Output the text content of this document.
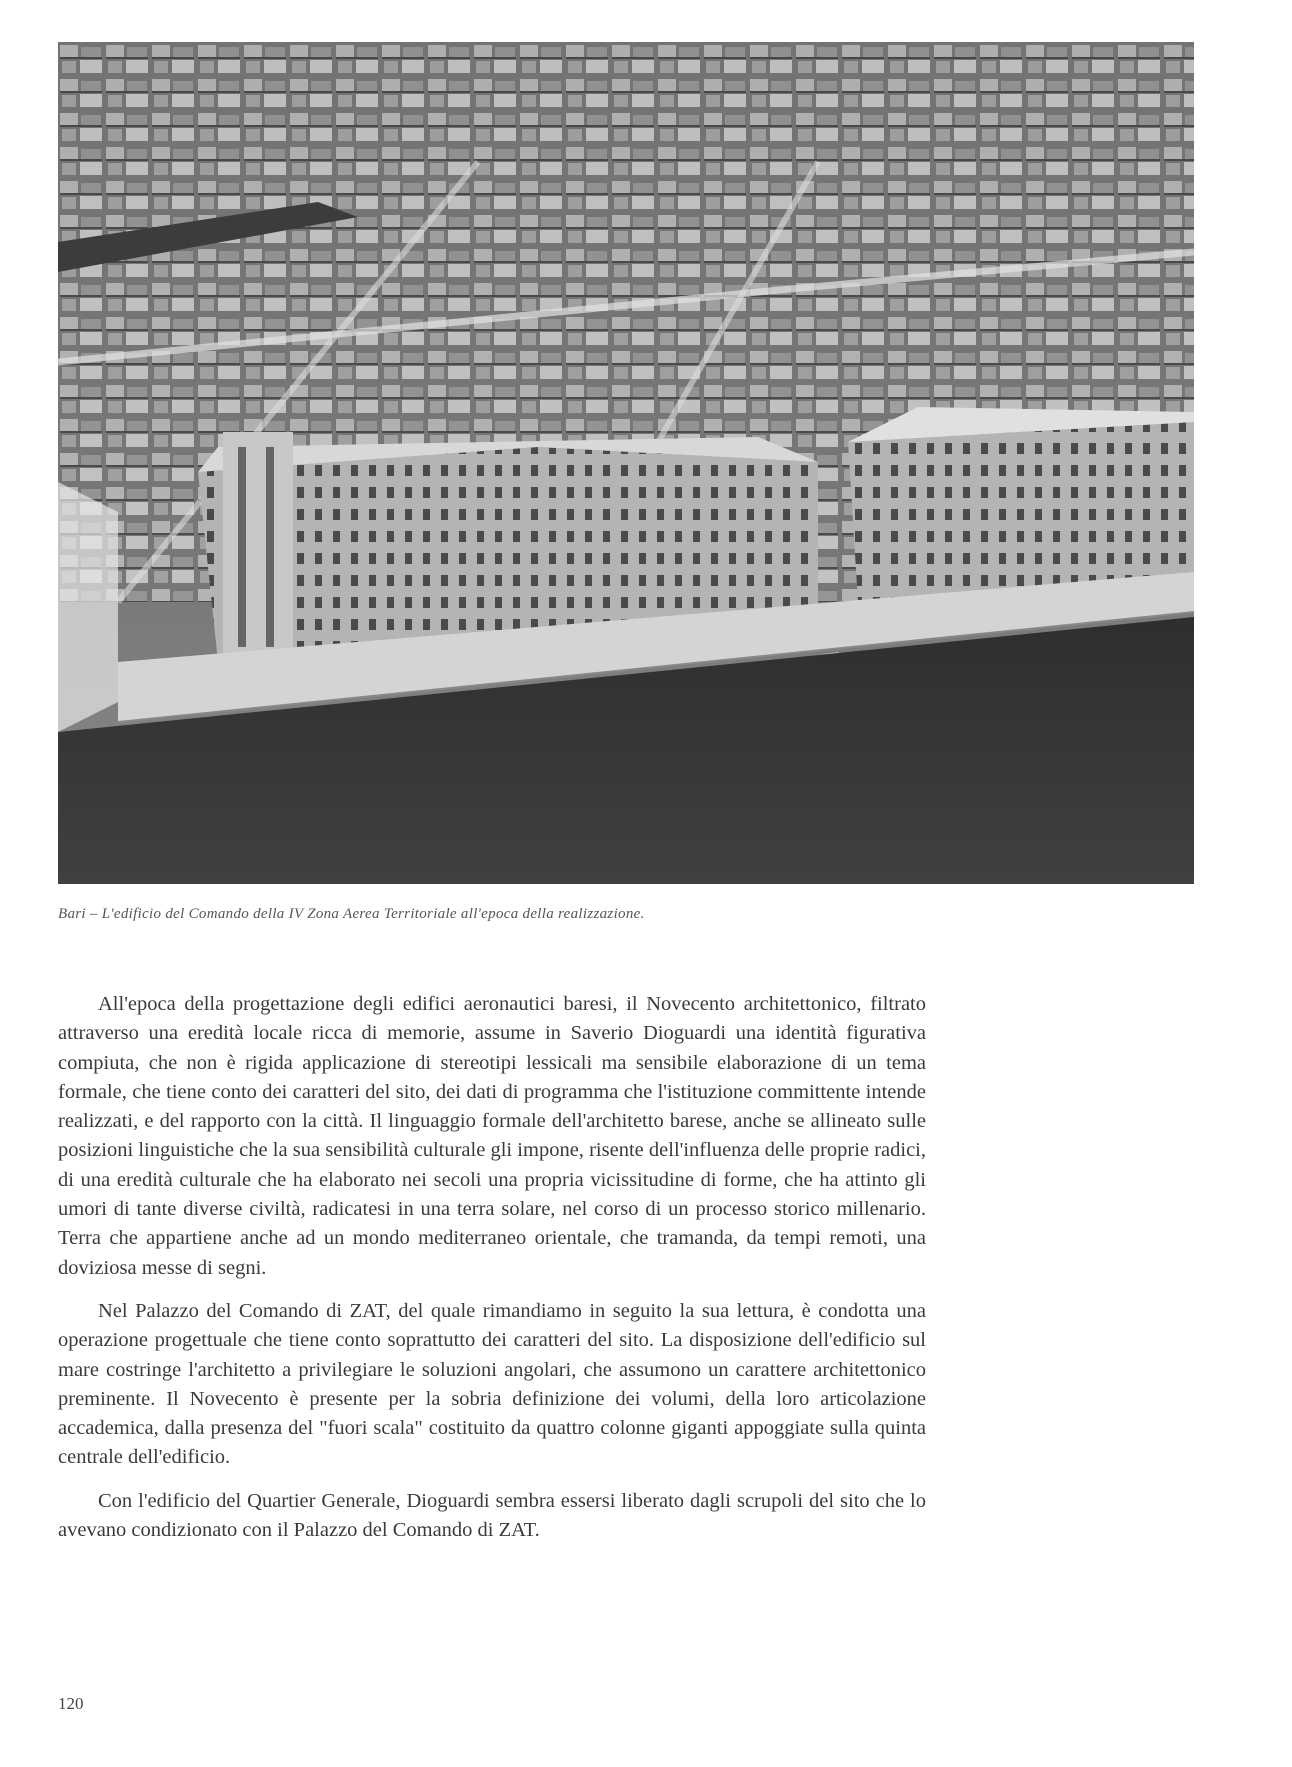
Bari – L'edificio del Comando della IV Zona Aerea Territoriale all'epoca della realizzazione.

All'epoca della progettazione degli edifici aeronautici baresi, il Novecento architettonico, filtrato attraverso una eredità locale ricca di memorie, assume in Saverio Dioguardi una identità figurativa compiuta, che non è rigida applicazione di stereotipi lessicali ma sensibile elaborazione di un tema formale, che tiene conto dei caratteri del sito, dei dati di programma che l'istituzione committente intende realizzati, e del rapporto con la città. Il linguaggio formale dell'architetto barese, anche se allineato sulle posizioni linguistiche che la sua sensibilità culturale gli impone, risente dell'influenza delle proprie radici, di una eredità culturale che ha elaborato nei secoli una propria vicissitudine di forme, che ha attinto gli umori di tante diverse civiltà, radicatesi in una terra solare, nel corso di un processo storico millenario. Terra che appartiene anche ad un mondo mediterraneo orientale, che tramanda, da tempi remoti, una doviziosa messe di segni.

Nel Palazzo del Comando di ZAT, del quale rimandiamo in seguito la sua lettura, è condotta una operazione progettuale che tiene conto soprattutto dei caratteri del sito. La disposizione dell'edificio sul mare costringe l'architetto a privilegiare le soluzioni angolari, che assumono un carattere architettonico preminente. Il Novecento è presente per la sobria definizione dei volumi, della loro articolazione accademica, dalla presenza del "fuori scala" costituito da quattro colonne giganti appoggiate sulla quinta centrale dell'edificio.

Con l'edificio del Quartier Generale, Dioguardi sembra essersi liberato dagli scrupoli del sito che lo avevano condizionato con il Palazzo del Comando di ZAT.

120
